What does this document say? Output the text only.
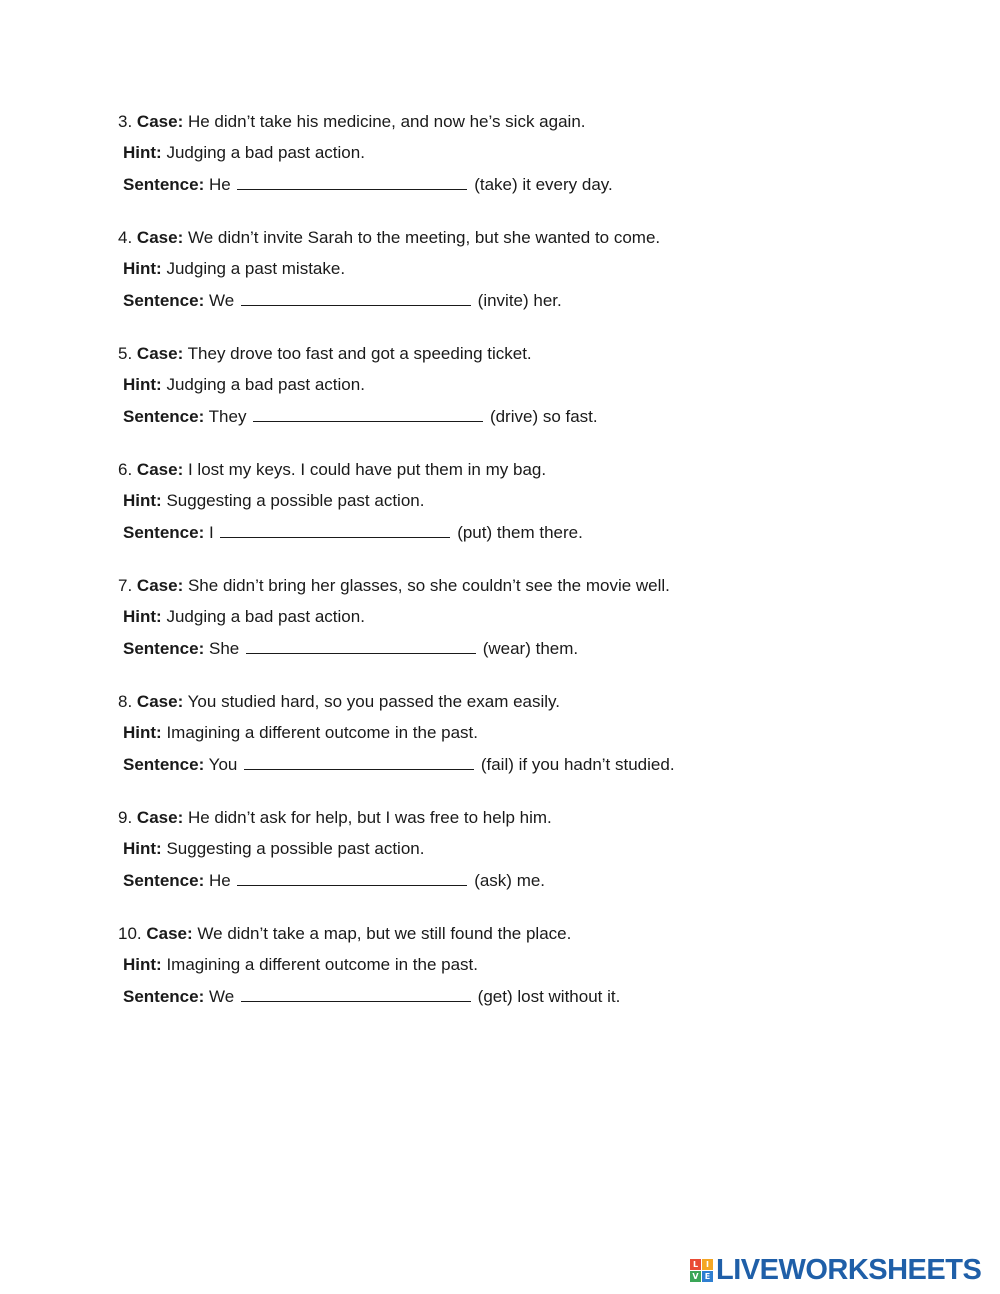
3. Case: He didn’t take his medicine, and now he’s sick again.
Hint: Judging a bad past action.
Sentence: He	(take) it every day.
4. Case: We didn’t invite Sarah to the meeting, but she wanted to come.
Hint: Judging a past mistake.
Sentence: We	(invite) her.
5. Case: They drove too fast and got a speeding ticket.
Hint: Judging a bad past action.
Sentence: They	(drive) so fast.
6. Case: I lost my keys. I could have put them in my bag.
Hint: Suggesting a possible past action.
Sentence: I	(put) them there.
7. Case: She didn’t bring her glasses, so she couldn’t see the movie well.
Hint: Judging a bad past action.
Sentence: She	(wear) them.
8. Case: You studied hard, so you passed the exam easily.
Hint: Imagining a different outcome in the past.
Sentence: You	(fail) if you hadn’t studied.
9. Case: He didn’t ask for help, but I was free to help him.
Hint: Suggesting a possible past action.
Sentence: He	(ask) me.
10. Case: We didn’t take a map, but we still found the place.
Hint: Imagining a different outcome in the past.
Sentence: We	(get) lost without it.
L I
V E LIVEWORKSHEETS
